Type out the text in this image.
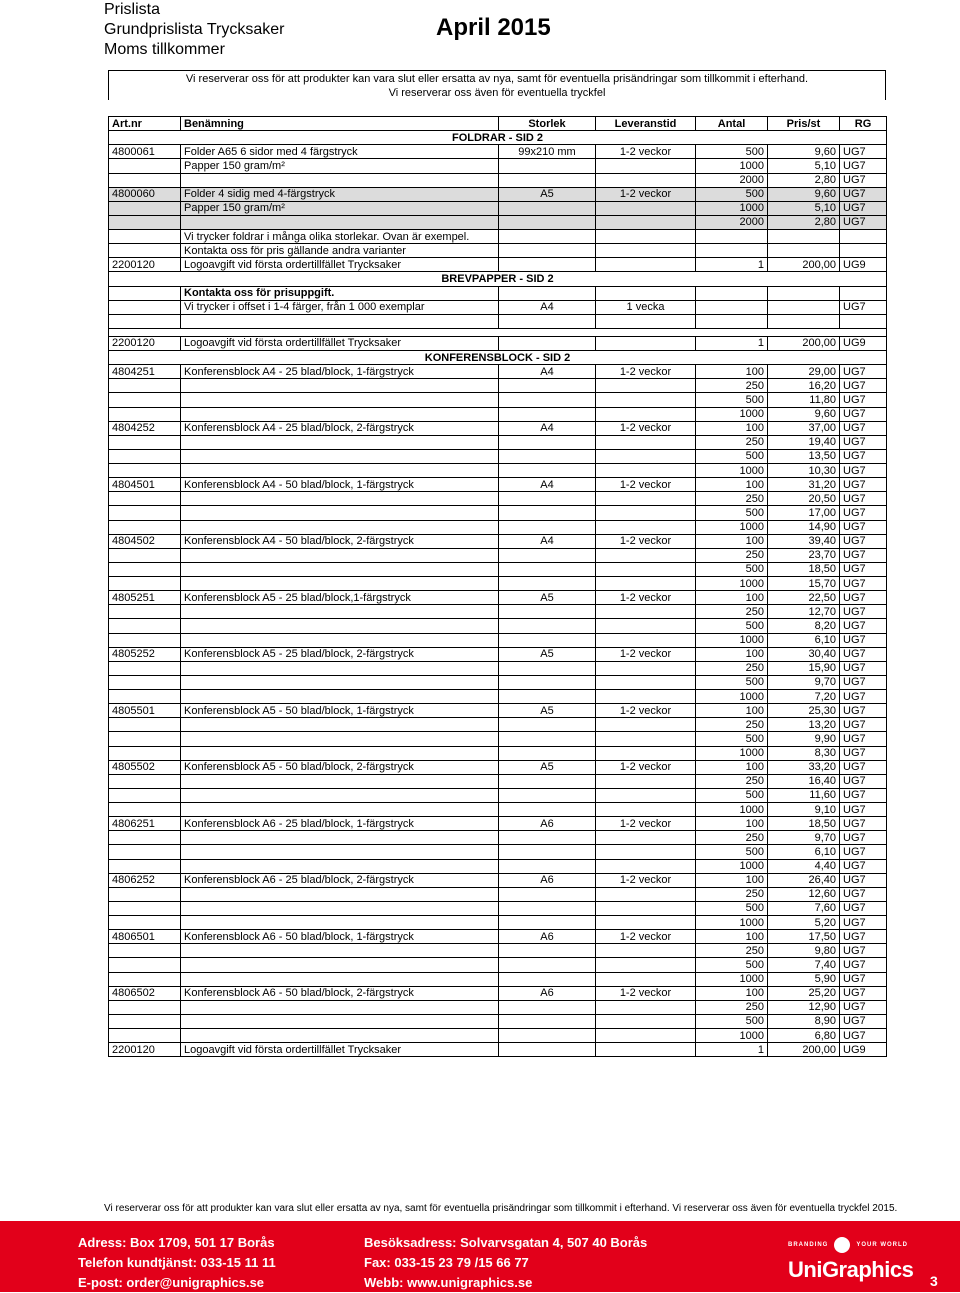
Prislista
Grundprislista Trycksaker
Moms tillkommer
April 2015
Vi reserverar oss för att produkter kan vara slut eller ersatta av nya, samt för eventuella prisändringar som tillkommit i efterhand.
Vi reserverar oss även för eventuella tryckfel
Art.nr	Benämning	Storlek	Leveranstid	Antal	Pris/st	RG
FOLDRAR - SID 2						
4800061	Folder A65 6 sidor med 4 färgstryck	99x210 mm	1-2 veckor	500	9,60	UG7
	Papper 150 gram/m²			1000	5,10	UG7
				2000	2,80	UG7
4800060	Folder 4 sidig med 4-färgstryck	A5	1-2 veckor	500	9,60	UG7
	Papper 150 gram/m²			1000	5,10	UG7
				2000	2,80	UG7
	Vi trycker foldrar i många olika storlekar. Ovan är exempel.					
	Kontakta oss för pris gällande andra varianter					
2200120	Logoavgift vid första ordertillfället Trycksaker			1	200,00	UG9
BREVPAPPER - SID 2						
	Kontakta oss för prisuppgift.					
	Vi trycker i offset i 1-4 färger, från 1 000 exemplar	A4	1 vecka			UG7

2200120	Logoavgift vid första ordertillfället Trycksaker			1	200,00	UG9
KONFERENSBLOCK - SID 2						
4804251	Konferensblock A4 - 25 blad/block, 1-färgstryck	A4	1-2 veckor	100	29,00	UG7
				250	16,20	UG7
				500	11,80	UG7
				1000	9,60	UG7
4804252	Konferensblock A4 - 25 blad/block, 2-färgstryck	A4	1-2 veckor	100	37,00	UG7
				250	19,40	UG7
				500	13,50	UG7
				1000	10,30	UG7
4804501	Konferensblock A4 - 50 blad/block, 1-färgstryck	A4	1-2 veckor	100	31,20	UG7
				250	20,50	UG7
				500	17,00	UG7
				1000	14,90	UG7
4804502	Konferensblock A4 - 50 blad/block, 2-färgstryck	A4	1-2 veckor	100	39,40	UG7
				250	23,70	UG7
				500	18,50	UG7
				1000	15,70	UG7
4805251	Konferensblock A5 - 25 blad/block,1-färgstryck	A5	1-2 veckor	100	22,50	UG7
				250	12,70	UG7
				500	8,20	UG7
				1000	6,10	UG7
4805252	Konferensblock A5 - 25 blad/block, 2-färgstryck	A5	1-2 veckor	100	30,40	UG7
				250	15,90	UG7
				500	9,70	UG7
				1000	7,20	UG7
4805501	Konferensblock A5 - 50 blad/block, 1-färgstryck	A5	1-2 veckor	100	25,30	UG7
				250	13,20	UG7
				500	9,90	UG7
				1000	8,30	UG7
4805502	Konferensblock A5 - 50 blad/block, 2-färgstryck	A5	1-2 veckor	100	33,20	UG7
				250	16,40	UG7
				500	11,60	UG7
				1000	9,10	UG7
4806251	Konferensblock A6 - 25 blad/block, 1-färgstryck	A6	1-2 veckor	100	18,50	UG7
				250	9,70	UG7
				500	6,10	UG7
				1000	4,40	UG7
4806252	Konferensblock A6 - 25 blad/block, 2-färgstryck	A6	1-2 veckor	100	26,40	UG7
				250	12,60	UG7
				500	7,60	UG7
				1000	5,20	UG7
4806501	Konferensblock A6 - 50 blad/block, 1-färgstryck	A6	1-2 veckor	100	17,50	UG7
				250	9,80	UG7
				500	7,40	UG7
				1000	5,90	UG7
4806502	Konferensblock A6 - 50 blad/block, 2-färgstryck	A6	1-2 veckor	100	25,20	UG7
				250	12,90	UG7
				500	8,90	UG7
				1000	6,80	UG7
2200120	Logoavgift vid första ordertillfället Trycksaker			1	200,00	UG9
Vi reserverar oss för att produkter kan vara slut eller ersatta av nya, samt för eventuella prisändringar som tillkommit i efterhand. Vi reserverar oss även för eventuella tryckfel 2015.
Adress: Box 1709, 501 17 Borås
Telefon kundtjänst: 033-15 11 11
E-post: order@unigraphics.se
Besöksadress: Solvarvsgatan 4, 507 40 Borås
Fax: 033-15 23 79 /15 66 77
Webb: www.unigraphics.se
BRANDING	YOUR WORLD
UniGraphics 3
